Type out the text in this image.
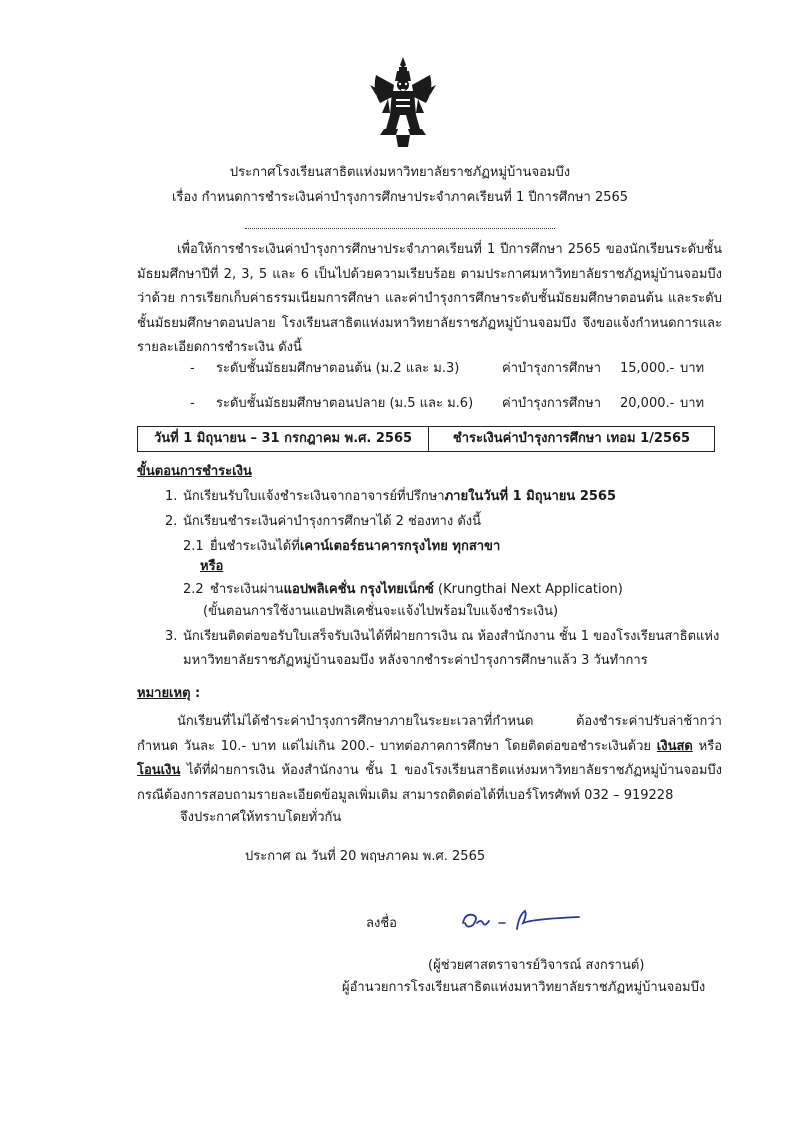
ประกาศโรงเรียนสาธิตแห่งมหาวิทยาลัยราชภัฏหมู่บ้านจอมบึง
เรื่อง กำหนดการชำระเงินค่าบำรุงการศึกษาประจำภาคเรียนที่ 1 ปีการศึกษา 2565
เพื่อให้การชำระเงินค่าบำรุงการศึกษาประจำภาคเรียนที่ 1 ปีการศึกษา 2565 ของนักเรียนระดับชั้นมัธยมศึกษาปีที่ 2, 3, 5 และ 6 เป็นไปด้วยความเรียบร้อย ตามประกาศมหาวิทยาลัยราชภัฏหมู่บ้านจอมบึง ว่าด้วย การเรียกเก็บค่าธรรมเนียมการศึกษา และค่าบำรุงการศึกษาระดับชั้นมัธยมศึกษาตอนต้น และระดับชั้นมัธยมศึกษาตอนปลาย โรงเรียนสาธิตแห่งมหาวิทยาลัยราชภัฏหมู่บ้านจอมบึง จึงขอแจ้งกำหนดการและรายละเอียดการชำระเงิน ดังนี้
- ระดับชั้นมัธยมศึกษาตอนต้น (ม.2 และ ม.3)	ค่าบำรุงการศึกษา 15,000.- บาท
- ระดับชั้นมัธยมศึกษาตอนปลาย (ม.5 และ ม.6) ค่าบำรุงการศึกษา 20,000.- บาท
วันที่ 1 มิถุนายน – 31 กรกฎาคม พ.ศ. 2565	ชำระเงินค่าบำรุงการศึกษา เทอม 1/2565
ขั้นตอนการชำระเงิน
1. นักเรียนรับใบแจ้งชำระเงินจากอาจารย์ที่ปรึกษาภายในวันที่ 1 มิถุนายน 2565
2. นักเรียนชำระเงินค่าบำรุงการศึกษาได้ 2 ช่องทาง ดังนี้
2.1 ยื่นชำระเงินได้ที่เคาน์เตอร์ธนาคารกรุงไทย ทุกสาขา
หรือ
2.2 ชำระเงินผ่านแอปพลิเคชั่น กรุงไทยเน็กซ์ (Krungthai Next Application)
(ขั้นตอนการใช้งานแอปพลิเคชั่นจะแจ้งไปพร้อมใบแจ้งชำระเงิน)
3. นักเรียนติดต่อขอรับใบเสร็จรับเงินได้ที่ฝ่ายการเงิน ณ ห้องสำนักงาน ชั้น 1 ของโรงเรียนสาธิตแห่ง
มหาวิทยาลัยราชภัฏหมู่บ้านจอมบึง หลังจากชำระค่าบำรุงการศึกษาแล้ว 3 วันทำการ
หมายเหตุ :
นักเรียนที่ไม่ได้ชำระค่าบำรุงการศึกษาภายในระยะเวลาที่กำหนด ต้องชำระค่าปรับล่าช้ากว่ากำหนด วันละ 10.- บาท แต่ไม่เกิน 200.- บาทต่อภาคการศึกษา โดยติดต่อขอชำระเงินด้วย เงินสด หรือ โอนเงิน ได้ที่ฝ่ายการเงิน ห้องสำนักงาน ชั้น 1 ของโรงเรียนสาธิตแห่งมหาวิทยาลัยราชภัฏหมู่บ้านจอมบึง กรณีต้องการสอบถามรายละเอียดข้อมูลเพิ่มเติม สามารถติดต่อได้ที่เบอร์โทรศัพท์ 032 – 919228
จึงประกาศให้ทราบโดยทั่วกัน
ประกาศ ณ วันที่ 20 พฤษภาคม พ.ศ. 2565
ลงชื่อ
(ผู้ช่วยศาสตราจารย์วิจารณ์ สงกรานต์)
ผู้อำนวยการโรงเรียนสาธิตแห่งมหาวิทยาลัยราชภัฏหมู่บ้านจอมบึง
